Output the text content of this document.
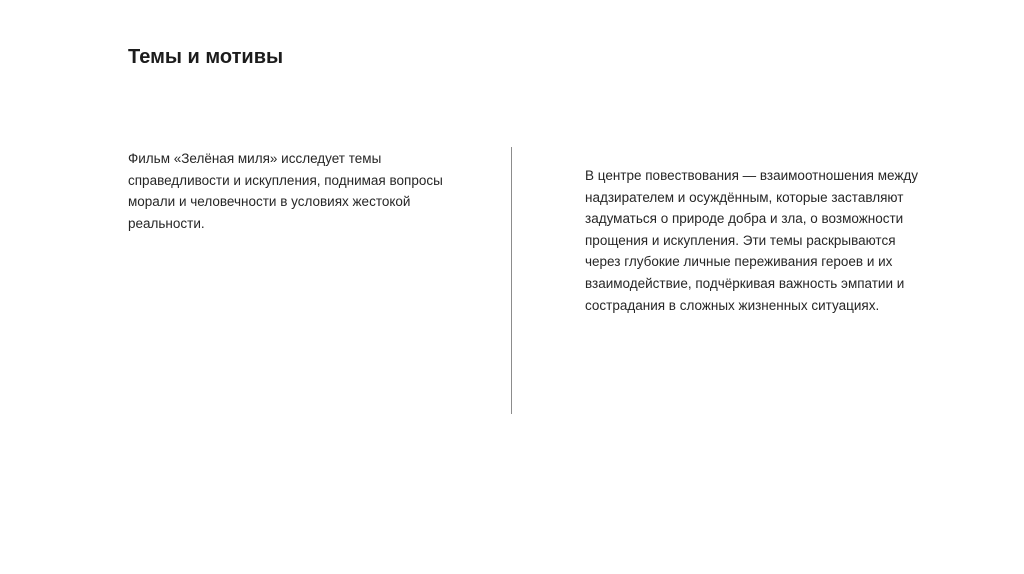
Темы и мотивы

Фильм «Зелёная миля» исследует темы справедливости и искупления, поднимая вопросы морали и человечности в условиях жестокой реальности.

В центре повествования — взаимоотношения между надзирателем и осуждённым, которые заставляют задуматься о природе добра и зла, о возможности прощения и искупления. Эти темы раскрываются через глубокие личные переживания героев и их взаимодействие, подчёркивая важность эмпатии и сострадания в сложных жизненных ситуациях.
